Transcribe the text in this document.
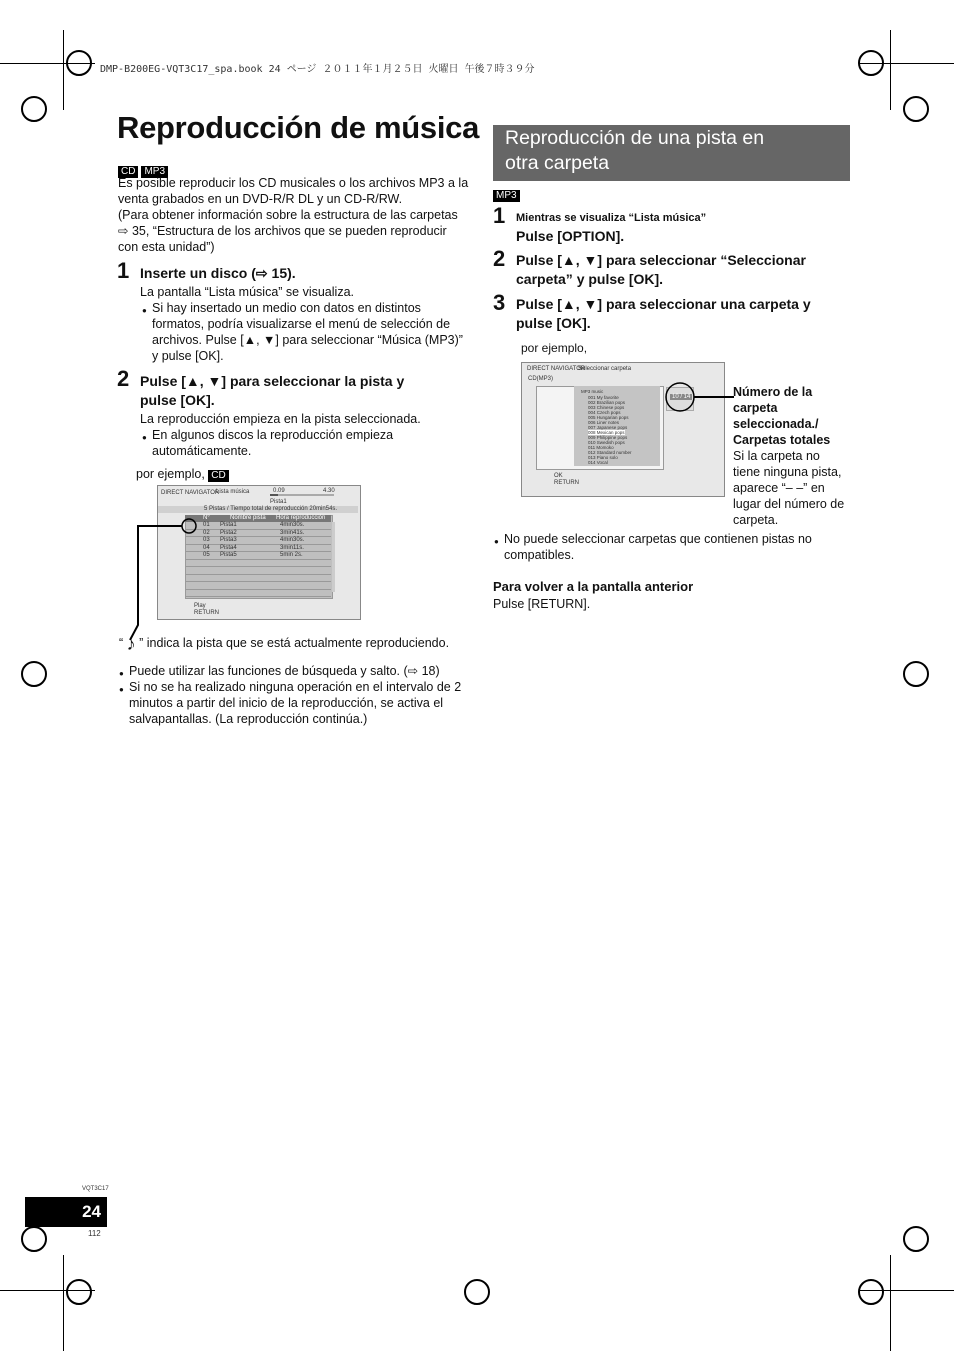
DMP-B200EG-VQT3C17_spa.book 24 ページ ２０１１年１月２５日 火曜日 午後７時３９分
Reproducción de música
CD MP3
Es posible reproducir los CD musicales o los archivos MP3 a la
venta grabados en un DVD-R/R DL y un CD-R/RW.
(Para obtener información sobre la estructura de las carpetas
⇨ 35, “Estructura de los archivos que se pueden reproducir
con esta unidad”)
1 Inserte un disco (⇨ 15).
La pantalla “Lista música” se visualiza.
● Si hay insertado un medio con datos en distintos
formatos, podría visualizarse el menú de selección de
archivos. Pulse [▲, ▼] para seleccionar “Música (MP3)”
y pulse [OK].
2 Pulse [▲, ▼] para seleccionar la pista y
pulse [OK].
La reproducción empieza en la pista seleccionada.
● En algunos discos la reproducción empieza
automáticamente.
por ejemplo, CD
DIRECT NAVIGATOR
Lista música	0.09	4.30
Pista1
5 Pistas / Tiempo total de reproducción 20min54s.
N°	Nombre pista Hora reproducción
Play
RETURN
01 Pista1	4min30s.
02 Pista2	3min41s.
03 Pista3	4min30s.
04 Pista4	3min11s.
05 Pista5	5min 2s.
“ ♪ ” indica la pista que se está actualmente reproduciendo.
● Puede utilizar las funciones de búsqueda y salto. (⇨ 18)
● Si no se ha realizado ninguna operación en el intervalo de 2
minutos a partir del inicio de la reproducción, se activa el
salvapantallas. (La reproducción continúa.)
Reproducción de una pista en
otra carpeta
MP3
1 Mientras se visualiza “Lista música”
Pulse [OPTION].
2 Pulse [▲, ▼] para seleccionar “Seleccionar
carpeta” y pulse [OK].
3 Pulse [▲, ▼] para seleccionar una carpeta y
pulse [OK].
por ejemplo,
DIRECT NAVIGATOR
Seleccionar carpeta
CD(MP3)
MP3 music
10 / 14
OK
RETURN
001 My favorite
002 Brazilian pops
003 Chinese pops
004 Czech pops
005 Hungarian pops
006 Liner notes
007 Japanese pops
008 Mexican pops
009 Philippine pops
010 Swedish pops
011 Momoko
012 Standard number
013 Piano solo
014 Vocal
Número de la
carpeta
seleccionada./
Carpetas totales
Si la carpeta no
tiene ninguna pista,
aparece “– –” en
lugar del número de
carpeta.
● No puede seleccionar carpetas que contienen pistas no
compatibles.
Para volver a la pantalla anterior
Pulse [RETURN].
VQT3C17
24
112
